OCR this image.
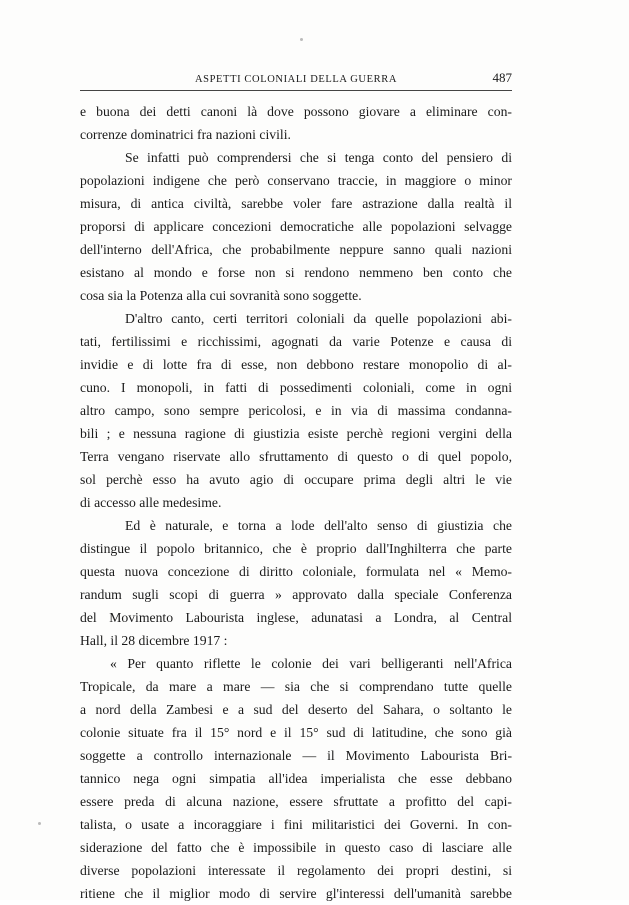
ASPETTI COLONIALI DELLA GUERRA	487
e buona dei detti canoni là dove possono giovare a eliminare con-
correnze dominatrici fra nazioni civili.
Se infatti può comprendersi che si tenga conto del pensiero di
popolazioni indigene che però conservano traccie, in maggiore o minor
misura, di antica civiltà, sarebbe voler fare astrazione dalla realtà il
proporsi di applicare concezioni democratiche alle popolazioni selvagge
dell'interno dell'Africa, che probabilmente neppure sanno quali nazioni
esistano al mondo e forse non si rendono nemmeno ben conto che
cosa sia la Potenza alla cui sovranità sono soggette.
D'altro canto, certi territori coloniali da quelle popolazioni abi-
tati, fertilissimi e ricchissimi, agognati da varie Potenze e causa di
invidie e di lotte fra di esse, non debbono restare monopolio di al-
cuno. I monopoli, in fatti di possedimenti coloniali, come in ogni
altro campo, sono sempre pericolosi, e in via di massima condanna-
bili ; e nessuna ragione di giustizia esiste perchè regioni vergini della
Terra vengano riservate allo sfruttamento di questo o di quel popolo,
sol perchè esso ha avuto agio di occupare prima degli altri le vie
di accesso alle medesime.
Ed è naturale, e torna a lode dell'alto senso di giustizia che
distingue il popolo britannico, che è proprio dall'Inghilterra che parte
questa nuova concezione di diritto coloniale, formulata nel « Memo-
randum sugli scopi di guerra » approvato dalla speciale Conferenza
del Movimento Labourista inglese, adunatasi a Londra, al Central
Hall, il 28 dicembre 1917 :
« Per quanto riflette le colonie dei vari belligeranti nell'Africa
Tropicale, da mare a mare — sia che si comprendano tutte quelle
a nord della Zambesi e a sud del deserto del Sahara, o soltanto le
colonie situate fra il 15° nord e il 15° sud di latitudine, che sono già
soggette a controllo internazionale — il Movimento Labourista Bri-
tannico nega ogni simpatia all'idea imperialista che esse debbano
essere preda di alcuna nazione, essere sfruttate a profitto del capi-
talista, o usate a incoraggiare i fini militaristici dei Governi. In con-
siderazione del fatto che è impossibile in questo caso di lasciare alle
diverse popolazioni interessate il regolamento dei propri destini, si
ritiene che il miglior modo di servire gl'interessi dell'umanità sarebbe
